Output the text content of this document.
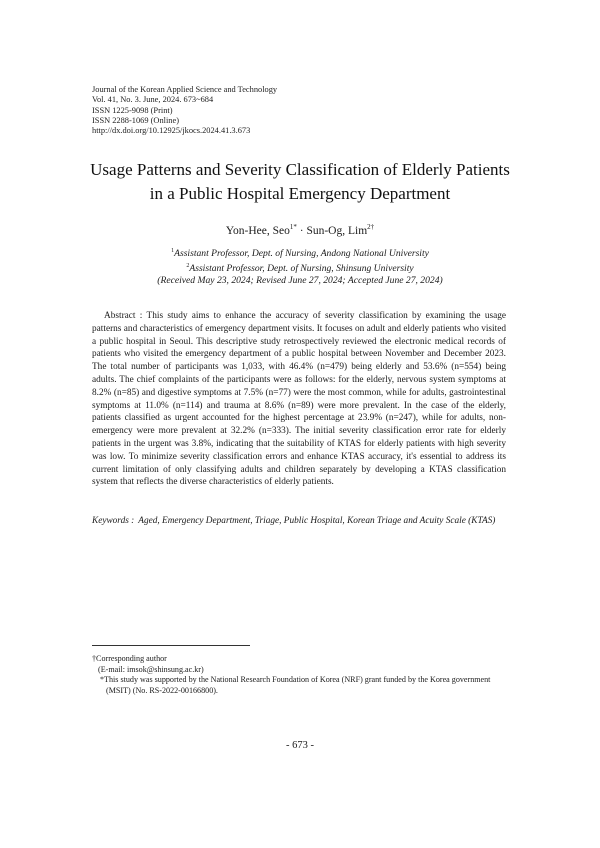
Journal of the Korean Applied Science and Technology
Vol. 41, No. 3. June, 2024. 673~684
ISSN 1225-9098 (Print)
ISSN 2288-1069 (Online)
http://dx.doi.org/10.12925/jkocs.2024.41.3.673
Usage Patterns and Severity Classification of Elderly Patients
in a Public Hospital Emergency Department
Yon-Hee, Seo$^{1*}$ · Sun-Og, Lim$^{2\dagger}$
$^1$Assistant Professor, Dept. of Nursing, Andong National University
$^2$Assistant Professor, Dept. of Nursing, Shinsung University
(Received May 23, 2024; Revised June 27, 2024; Accepted June 27, 2024)
Abstract : This study aims to enhance the accuracy of severity classification by examining the usage patterns and characteristics of emergency department visits. It focuses on adult and elderly patients who visited a public hospital in Seoul. This descriptive study retrospectively reviewed the electronic medical records of patients who visited the emergency department of a public hospital between November and December 2023. The total number of participants was 1,033, with 46.4% (n=479) being elderly and 53.6% (n=554) being adults. The chief complaints of the participants were as follows: for the elderly, nervous system symptoms at 8.2% (n=85) and digestive symptoms at 7.5% (n=77) were the most common, while for adults, gastrointestinal symptoms at 11.0% (n=114) and trauma at 8.6% (n=89) were more prevalent. In the case of the elderly, patients classified as urgent accounted for the highest percentage at 23.9% (n=247), while for adults, non-emergency were more prevalent at 32.2% (n=333). The initial severity classification error rate for elderly patients in the urgent was 3.8%, indicating that the suitability of KTAS for elderly patients with high severity was low. To minimize severity classification errors and enhance KTAS accuracy, it's essential to address its current limitation of only classifying adults and children separately by developing a KTAS classification system that reflects the diverse characteristics of elderly patients.
Keywords : Aged, Emergency Department, Triage, Public Hospital, Korean Triage and Acuity Scale (KTAS)
†Corresponding author
(E-mail: imsok@shinsung.ac.kr)
*This study was supported by the National Research Foundation of Korea (NRF) grant funded by the Korea government (MSIT) (No. RS-2022-00166800).
- 673 -
